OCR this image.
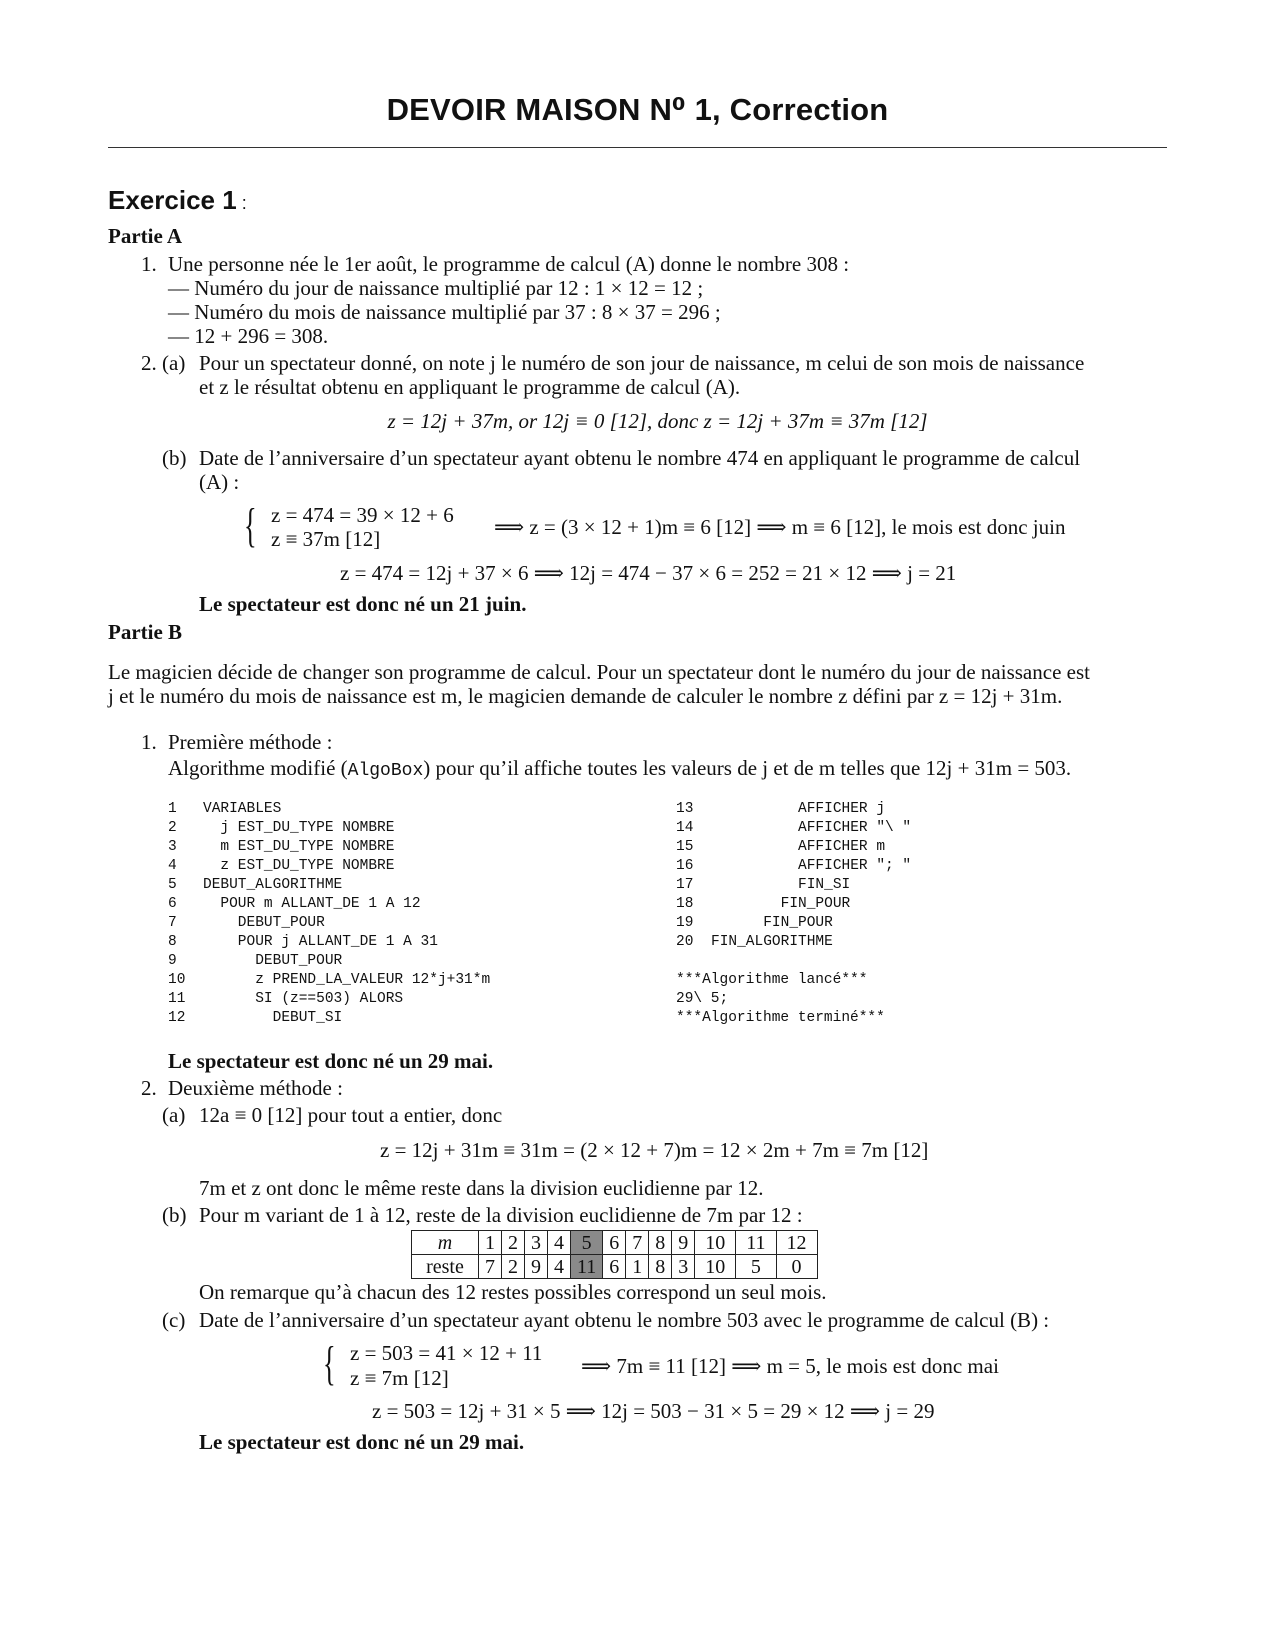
DEVOIR MAISON N⁰ 1, Correction
Exercice 1 :
Partie A
1. Une personne née le 1er août, le programme de calcul (A) donne le nombre 308 :
— Numéro du jour de naissance multiplié par 12 : 1 × 12 = 12 ;
— Numéro du mois de naissance multiplié par 37 : 8 × 37 = 296 ;
— 12 + 296 = 308.
2. (a) Pour un spectateur donné, on note j le numéro de son jour de naissance, m celui de son mois de naissance
et z le résultat obtenu en appliquant le programme de calcul (A).
z = 12j + 37m, or 12j ≡ 0 [12], donc z = 12j + 37m ≡ 37m [12]
(b) Date de l’anniversaire d’un spectateur ayant obtenu le nombre 474 en appliquant le programme de calcul
(A) :
{ z = 474 = 39 × 12 + 6
z ≡ 37m [12]	⟹ z = (3 × 12 + 1)m ≡ 6 [12] ⟹ m ≡ 6 [12], le mois est donc juin
z = 474 = 12j + 37 × 6 ⟹ 12j = 474 − 37 × 6 = 252 = 21 × 12 ⟹ j = 21
Le spectateur est donc né un 21 juin.
Partie B
Le magicien décide de changer son programme de calcul. Pour un spectateur dont le numéro du jour de naissance est
j et le numéro du mois de naissance est m, le magicien demande de calculer le nombre z défini par z = 12j + 31m.
1. Première méthode :
Algorithme modifié (AlgoBox) pour qu’il affiche toutes les valeurs de j et de m telles que 12j + 31m = 503.
1 VARIABLES
2  j EST_DU_TYPE NOMBRE
3  m EST_DU_TYPE NOMBRE
4  z EST_DU_TYPE NOMBRE
5 DEBUT_ALGORITHME
6  POUR m ALLANT_DE 1 A 12
7    DEBUT_POUR
8    POUR j ALLANT_DE 1 A 31
9      DEBUT_POUR
10      z PREND_LA_VALEUR 12*j+31*m
11      SI (z==503) ALORS
12        DEBUT_SI
13          AFFICHER j
14          AFFICHER "\ "
15          AFFICHER m
16          AFFICHER "; "
17          FIN_SI
18        FIN_POUR
19      FIN_POUR
20 FIN_ALGORITHME
***Algorithme lancé***
29\ 5;
***Algorithme terminé***
Le spectateur est donc né un 29 mai.
2. Deuxième méthode :
(a) 12a ≡ 0 [12] pour tout a entier, donc
z = 12j + 31m ≡ 31m = (2 × 12 + 7)m = 12 × 2m + 7m ≡ 7m [12]
7m et z ont donc le même reste dans la division euclidienne par 12.
(b) Pour m variant de 1 à 12, reste de la division euclidienne de 7m par 12 :
m	1	2	3	4	5	6	7	8	9	10	11	12
reste	7	2	9	4	11	6	1	8	3	10	5	0
On remarque qu’à chacun des 12 restes possibles correspond un seul mois.
(c) Date de l’anniversaire d’un spectateur ayant obtenu le nombre 503 avec le programme de calcul (B) :
{ z = 503 = 41 × 12 + 11
z ≡ 7m [12]	⟹ 7m ≡ 11 [12] ⟹ m = 5, le mois est donc mai
z = 503 = 12j + 31 × 5 ⟹ 12j = 503 − 31 × 5 = 29 × 12 ⟹ j = 29
Le spectateur est donc né un 29 mai.
